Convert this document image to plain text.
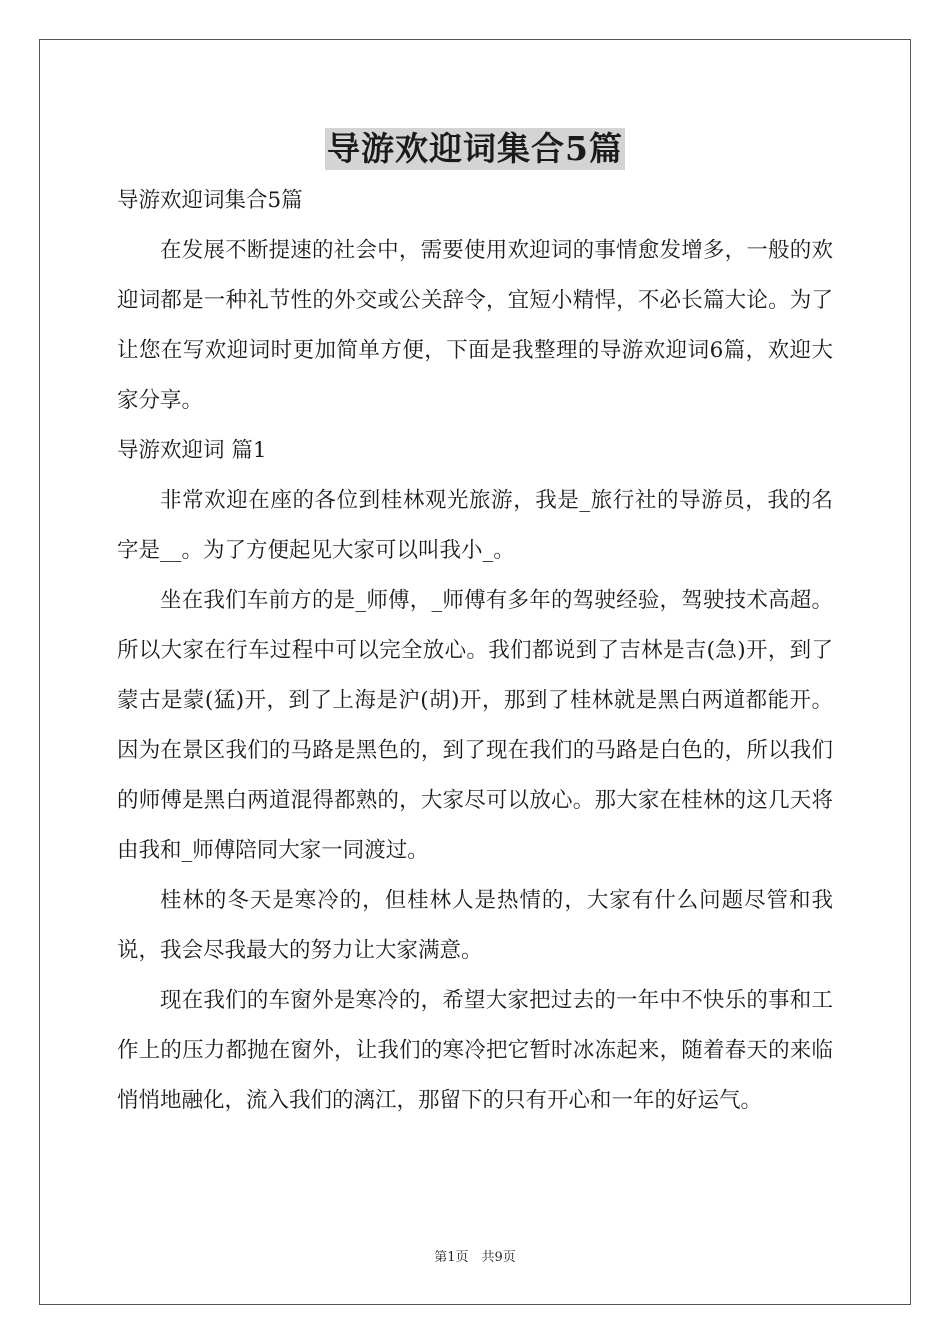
导游欢迎词集合5篇

导游欢迎词集合5篇

在发展不断提速的社会中，需要使用欢迎词的事情愈发增多，一般的欢迎词都是一种礼节性的外交或公关辞令，宜短小精悍，不必长篇大论。为了让您在写欢迎词时更加简单方便，下面是我整理的导游欢迎词6篇，欢迎大家分享。

导游欢迎词 篇1

非常欢迎在座的各位到桂林观光旅游，我是_旅行社的导游员，我的名字是__。为了方便起见大家可以叫我小_。

坐在我们车前方的是_师傅，_师傅有多年的驾驶经验，驾驶技术高超。所以大家在行车过程中可以完全放心。我们都说到了吉林是吉(急)开，到了蒙古是蒙(猛)开，到了上海是沪(胡)开，那到了桂林就是黑白两道都能开。因为在景区我们的马路是黑色的，到了现在我们的马路是白色的，所以我们的师傅是黑白两道混得都熟的，大家尽可以放心。那大家在桂林的这几天将由我和_师傅陪同大家一同渡过。

桂林的冬天是寒冷的，但桂林人是热情的，大家有什么问题尽管和我说，我会尽我最大的努力让大家满意。

现在我们的车窗外是寒冷的，希望大家把过去的一年中不快乐的事和工作上的压力都抛在窗外，让我们的寒冷把它暂时冰冻起来，随着春天的来临悄悄地融化，流入我们的漓江，那留下的只有开心和一年的好运气。

第1页　共9页
